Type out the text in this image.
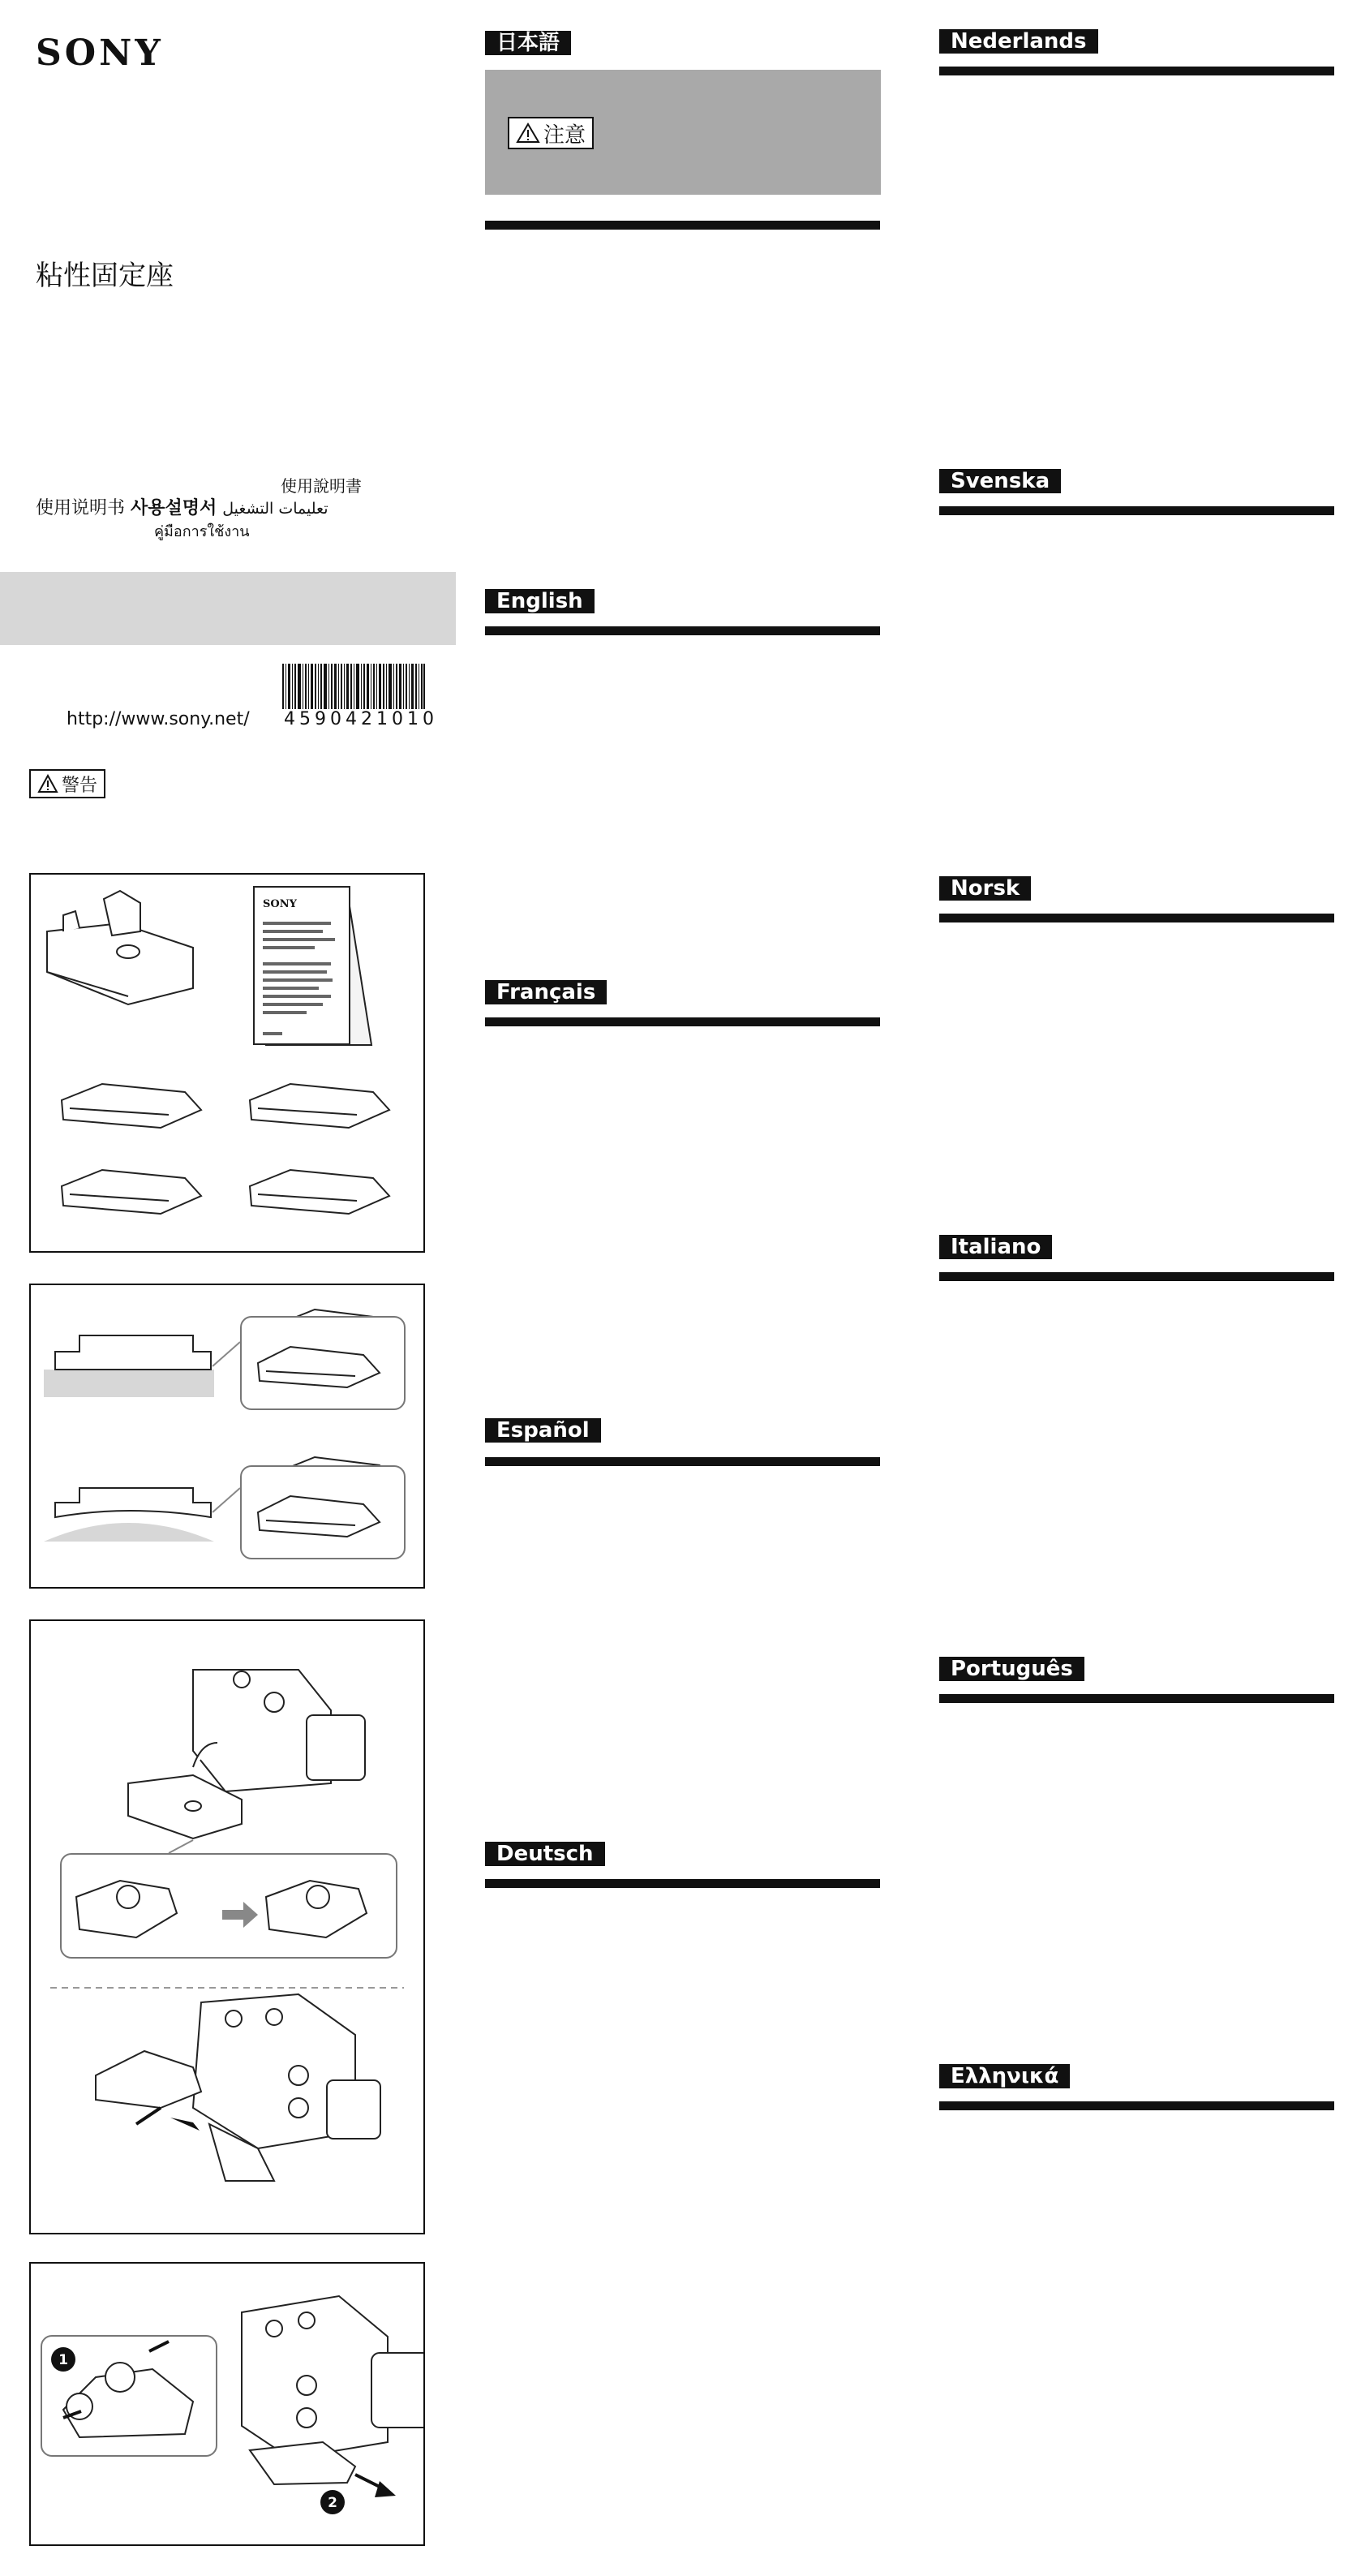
SONY
粘性固定座
使用說明書
使用说明书 사용설명서 تعليمات التشغيل
คู่มือการใช้งาน
http://www.sony.net/ 4590421010
警告
SONY
1
2
日本語
注意
English
Français
Español
Deutsch
Nederlands
Svenska
Norsk
Italiano
Português
Ελληνικά
